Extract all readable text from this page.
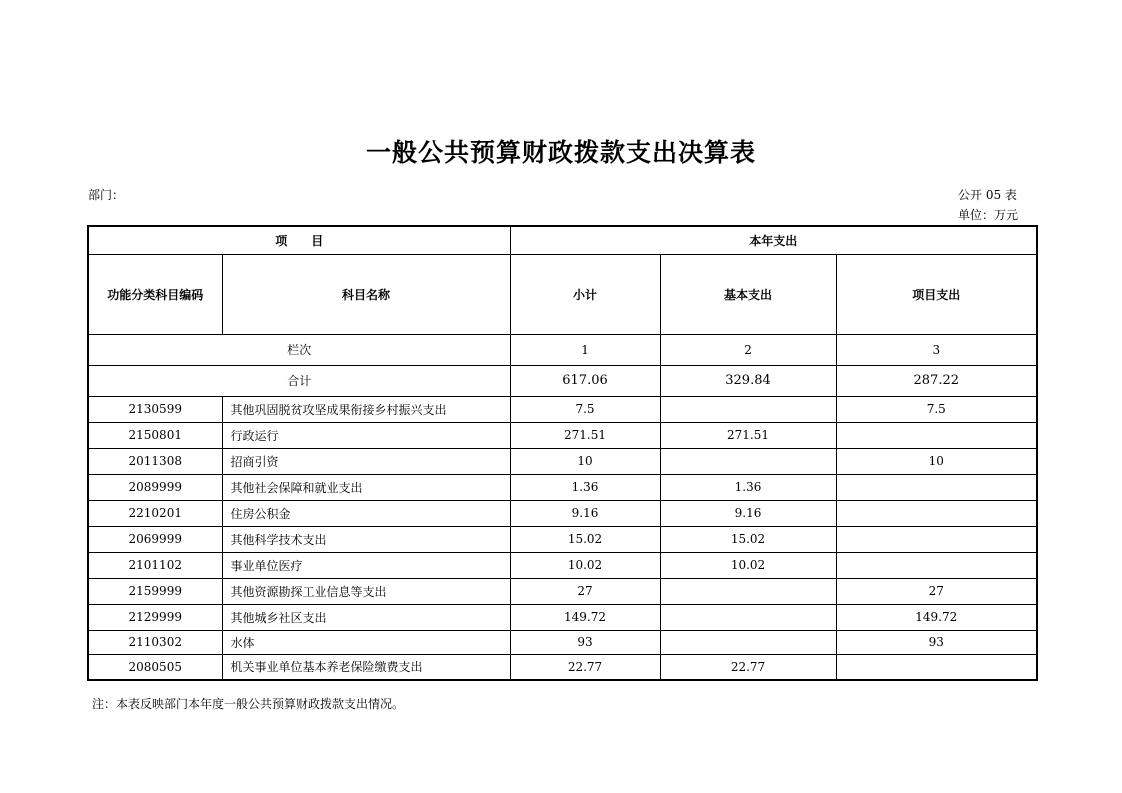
一般公共预算财政拨款支出决算表
部门：	公开 05 表
单位：万元
项　　目		本年支出		
功能分类科目编码	科目名称	小计	基本支出	项目支出
栏次		1	2	3
合计		617.06	329.84	287.22
2130599	其他巩固脱贫攻坚成果衔接乡村振兴支出	7.5		7.5
2150801	行政运行	271.51	271.51	
2011308	招商引资	10		10
2089999	其他社会保障和就业支出	1.36	1.36	
2210201	住房公积金	9.16	9.16	
2069999	其他科学技术支出	15.02	15.02	
2101102	事业单位医疗	10.02	10.02	
2159999	其他资源勘探工业信息等支出	27		27
2129999	其他城乡社区支出	149.72		149.72
2110302	水体	93		93
2080505	机关事业单位基本养老保险缴费支出	22.77	22.77	
注：本表反映部门本年度一般公共预算财政拨款支出情况。
